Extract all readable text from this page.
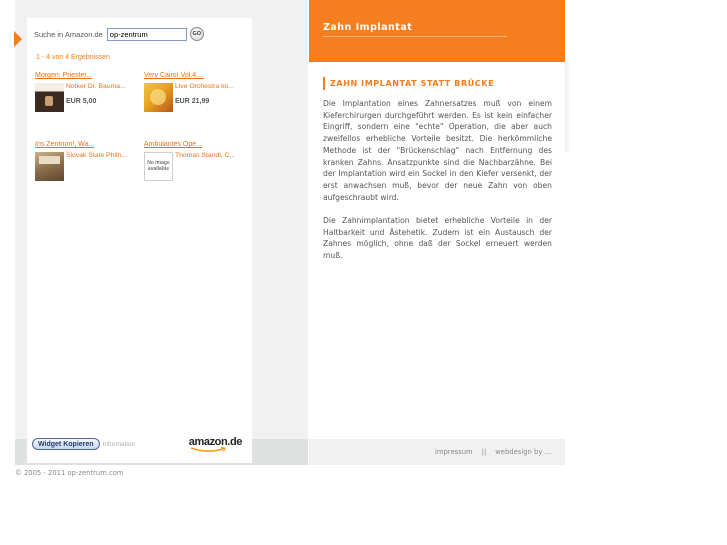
Suche in Amazon.de
op-zentrum	GO
1 - 4 von 4 Ergebnissen
Morgen: Priester...
Notker Dr. Bauma...
EUR 5,00
Very Cairo! Vol.4....
Live Orchestra ko...
EUR 21,99
Ins Zentrum!, Wa...
Slovak State Philh...
Ambulantes Ope...
No image available
Thomas Standl, C...
Widget Kopieren	Information	amazon.de
Zahn Implantat
ZAHN IMPLANTAT STATT BRÜCKE

Die Implantation eines Zahnersatzes muß von einem Kieferchirurgen durchgeführt werden. Es ist kein einfacher Eingriff, sondern eine "echte" Operation, die aber auch zweifellos erhebliche Vorteile besitzt. Die herkömmliche Methode ist der "Brückenschlag" nach Entfernung des kranken Zahns. Ansatzpunkte sind die Nachbarzähne. Bei der Implantation wird ein Sockel in den Kiefer versenkt, der erst anwachsen muß, bevor der neue Zahn von oben aufgeschraubt wird.

Die Zahnimplantation bietet erhebliche Vorteile in der Haltbarkeit und Ästehetik. Zudem ist ein Austausch der Zahnes möglich, ohne daß der Sockel erneuert werden muß.

impressum || webdesign by ...
© 2005 - 2011 op-zentrum.com
